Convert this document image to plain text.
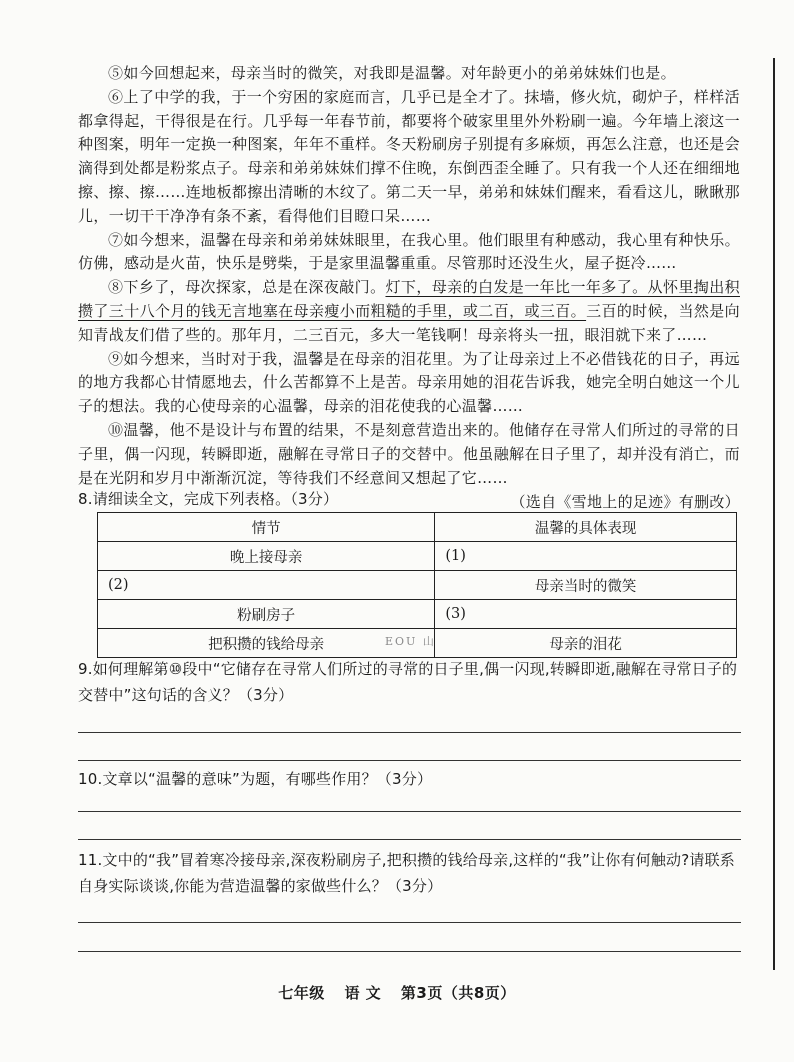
⑤如今回想起来，母亲当时的微笑，对我即是温馨。对年龄更小的弟弟妹妹们也是。

⑥上了中学的我，于一个穷困的家庭而言，几乎已是全才了。抹墙，修火炕，砌炉子，样样活都拿得起，干得很是在行。几乎每一年春节前，都要将个破家里里外外粉刷一遍。今年墙上滚这一种图案，明年一定换一种图案，年年不重样。冬天粉刷房子别提有多麻烦，再怎么注意，也还是会滴得到处都是粉浆点子。母亲和弟弟妹妹们撑不住晚，东倒西歪全睡了。只有我一个人还在细细地擦、擦、擦……连地板都擦出清晰的木纹了。第二天一早，弟弟和妹妹们醒来，看看这儿，瞅瞅那儿，一切干干净净有条不紊，看得他们目瞪口呆……

⑦如今想来，温馨在母亲和弟弟妹妹眼里，在我心里。他们眼里有种感动，我心里有种快乐。仿佛，感动是火苗，快乐是劈柴，于是家里温馨重重。尽管那时还没生火，屋子挺冷……

⑧下乡了，母次探家，总是在深夜敲门。灯下，母亲的白发是一年比一年多了。从怀里掏出积攒了三十八个月的钱无言地塞在母亲瘦小而粗糙的手里，或二百，或三百。三百的时候，当然是向知青战友们借了些的。那年月，二三百元，多大一笔钱啊！母亲将头一扭，眼泪就下来了……

⑨如今想来，当时对于我，温馨是在母亲的泪花里。为了让母亲过上不必借钱花的日子，再远的地方我都心甘情愿地去，什么苦都算不上是苦。母亲用她的泪花告诉我，她完全明白她这一个儿子的想法。我的心使母亲的心温馨，母亲的泪花使我的心温馨……

⑩温馨，他不是设计与布置的结果，不是刻意营造出来的。他储存在寻常人们所过的寻常的日子里，偶一闪现，转瞬即逝，融解在寻常日子的交替中。他虽融解在日子里了，却并没有消亡，而是在光阴和岁月中渐渐沉淀，等待我们不经意间又想起了它……

（选自《雪地上的足迹》有删改）
8.请细读全文，完成下列表格。（3分）
情节	温馨的具体表现
晚上接母亲	(1)
(2)	母亲当时的微笑
粉刷房子	(3)
把积攒的钱给母亲	母亲的泪花
EOU 山
9.如何理解第⑩段中“它储存在寻常人们所过的寻常的日子里,偶一闪现,转瞬即逝,融解在寻常日子的交替中”这句话的含义？（3分）
10.文章以“温馨的意味”为题，有哪些作用？（3分）
11.文中的“我”冒着寒冷接母亲,深夜粉刷房子,把积攒的钱给母亲,这样的“我”让你有何触动?请联系自身实际谈谈,你能为营造温馨的家做些什么？（3分）
七年级 语 文 第3页（共8页）
